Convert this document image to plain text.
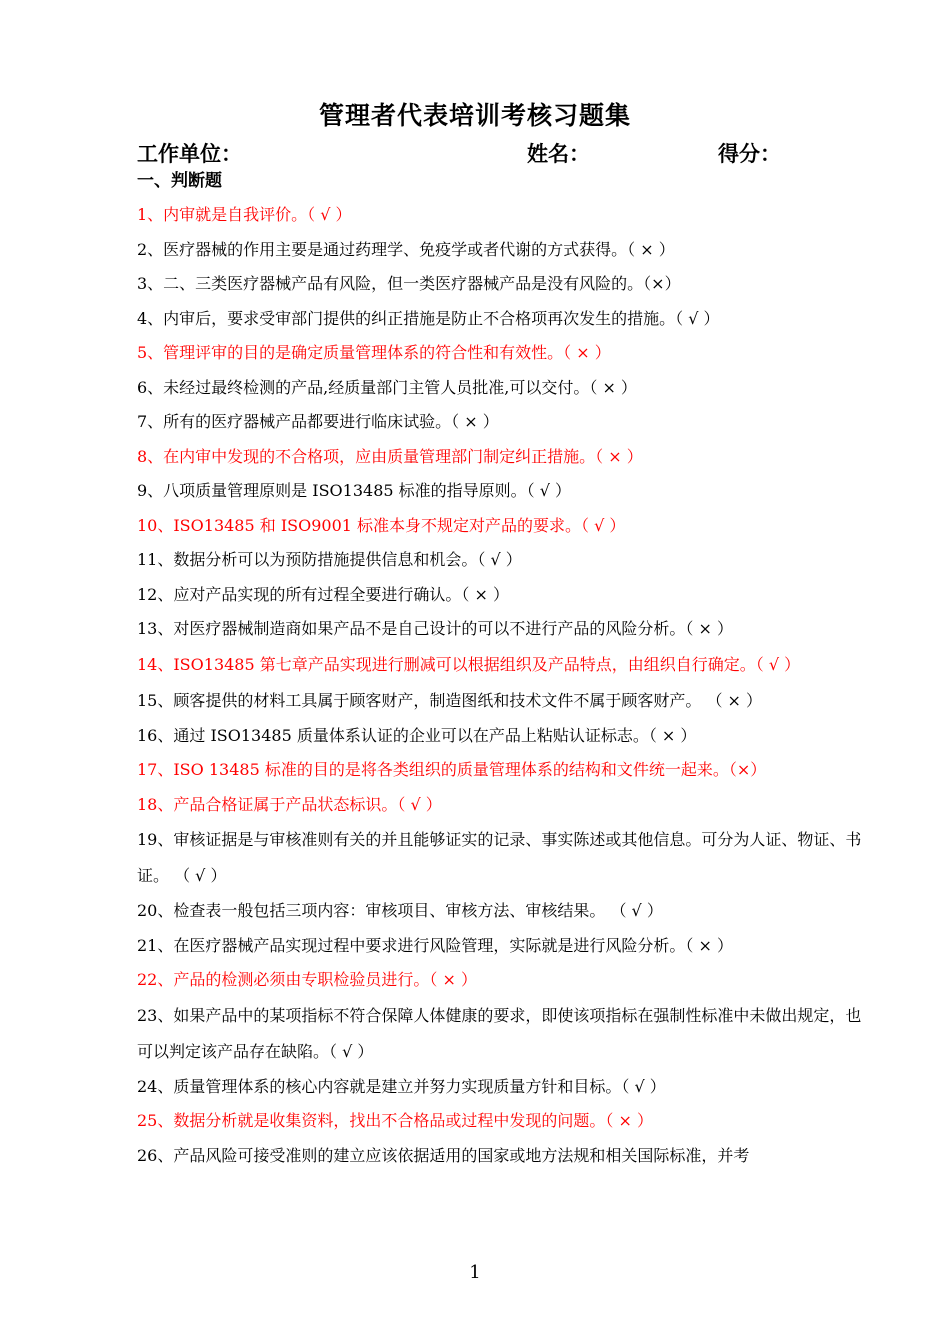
管理者代表培训考核习题集
工作单位：	姓名：	得分：
一、判断题
1、内审就是自我评价。（ √ ）
2、医疗器械的作用主要是通过药理学、免疫学或者代谢的方式获得。（ × ）
3、二、三类医疗器械产品有风险，但一类医疗器械产品是没有风险的。（×）
4、内审后，要求受审部门提供的纠正措施是防止不合格项再次发生的措施。（ √ ）
5、管理评审的目的是确定质量管理体系的符合性和有效性。（ × ）
6、未经过最终检测的产品,经质量部门主管人员批准,可以交付。（ × ）
7、所有的医疗器械产品都要进行临床试验。（ × ）
8、在内审中发现的不合格项，应由质量管理部门制定纠正措施。（ × ）
9、八项质量管理原则是 ISO13485 标准的指导原则。（ √ ）
10、ISO13485 和 ISO9001 标准本身不规定对产品的要求。（ √ ）
11、数据分析可以为预防措施提供信息和机会。（ √ ）
12、应对产品实现的所有过程全要进行确认。（ × ）
13、对医疗器械制造商如果产品不是自己设计的可以不进行产品的风险分析。（ × ）
14、ISO13485 第七章产品实现进行删减可以根据组织及产品特点，由组织自行确定。（ √ ）
15、顾客提供的材料工具属于顾客财产，制造图纸和技术文件不属于顾客财产。 （ × ）
16、通过 ISO13485 质量体系认证的企业可以在产品上粘贴认证标志。（ × ）
17、ISO 13485 标准的目的是将各类组织的质量管理体系的结构和文件统一起来。（×）
18、产品合格证属于产品状态标识。（ √ ）
19、审核证据是与审核准则有关的并且能够证实的记录、事实陈述或其他信息。可分为人证、物证、书证。 （ √ ）
20、检查表一般包括三项内容：审核项目、审核方法、审核结果。 （ √ ）
21、在医疗器械产品实现过程中要求进行风险管理，实际就是进行风险分析。（ × ）
22、产品的检测必须由专职检验员进行。（ × ）
23、如果产品中的某项指标不符合保障人体健康的要求，即使该项指标在强制性标准中未做出规定，也可以判定该产品存在缺陷。（ √ ）
24、质量管理体系的核心内容就是建立并努力实现质量方针和目标。（ √ ）
25、数据分析就是收集资料，找出不合格品或过程中发现的问题。（ × ）
26、产品风险可接受准则的建立应该依据适用的国家或地方法规和相关国际标准，并考
1
